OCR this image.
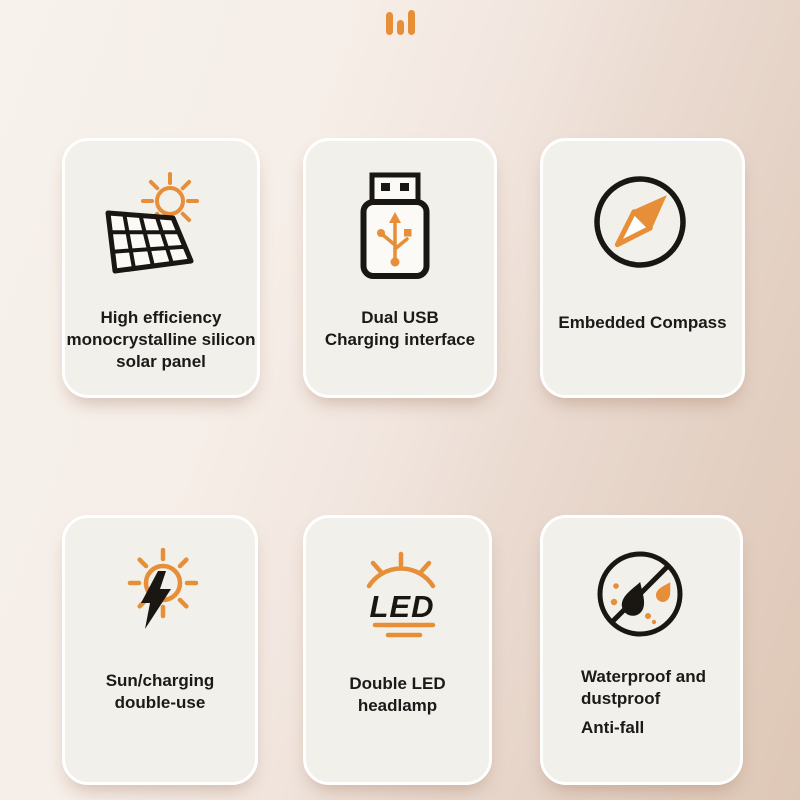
High efficiency
monocrystalline silicon
solar panel
Dual USB
Charging interface
Embedded Compass
Sun/charging
double-use
LED
Double LED
headlamp
Waterproof and
dustproof
Anti-fall
